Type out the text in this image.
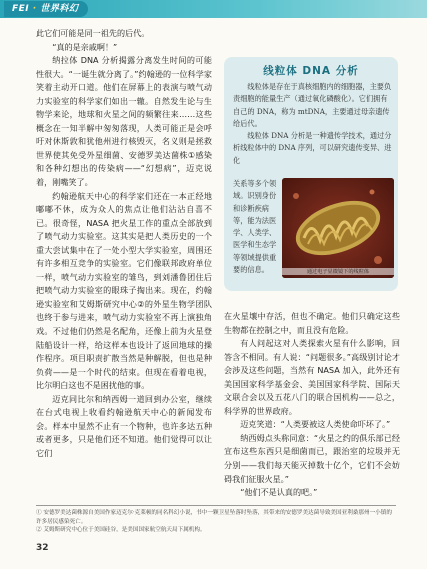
FEI · 世界科幻

此它们可能是同一祖先的后代。

“真的是亲戚啊！”

纳拉体 DNA 分析揭露分离发生时间的可能性很大。“一诞生就分离了。”约翰逊的一位科学家笑着主动开口道。他们在屏幕上的表演与喷气动力实验室的科学家们如出一辙。自然发生论与生物学来论，地球和火星之间的频繁往来……这些概念在一知半解中匆匆落现，人类可能正是会呼吁对休斯敦和犹他州进行核毁灭，名义则是拯救世界使其免受外星细菌、安德罗美达菌株①感染和各种幻想出的传染病——“幻想病”，迈克说着，刚嘴笑了。

约翰逊航天中心的科学家们还在一本正经地嘟嘟不休，成为众人的焦点让他们沾沾自喜不已。很奇怪，NASA 把火星工作的重点全部放到了喷气动力实验室。这其实是把人类历史的一个重大尝试集中在了一处小型大学实验室，周围还有许多相互竞争的实验室。它们像联邦政府单位一样，喷气动力实验室的雏鸟，到刘潘鲁团住后把喷气动力实验室的眼珠子掏出来。现在，约翰逊实验室和艾姆斯研究中心②的外星生物学团队也终于参与进来，喷气动力实验室不再上演独角戏。不过他们仍然是名配角，还像上前为火星登陆船设计一样，给这样本也设计了返回地球的操作程序。项目职责扩散当然是种解脱，但也是种负荷——是一个时代的结束。但现在看着电视，比尔明白这也不是困扰他的事。

迈克同比尔和纳西姆一道回到办公室，继续在台式电视上收看约翰逊航天中心的新闻发布会。样本中显然不止有一个物种，也许多达五种或者更多，只是他们还不知道。他们觉得可以让它们

线粒体 DNA 分析

线粒体是存在于真核细胞内的细胞器，主要负责细胞的能量生产（通过氧化磷酸化）。它们拥有自己的 DNA，称为 mtDNA，主要通过母亲遗传给后代。

线粒体 DNA 分析是一种遗传学技术，通过分析线粒体中的 DNA 序列，可以研究遗传变异、进化

关系等多个领域。识别身份和诊断疾病等，能为法医学、人类学、医学和生态学等领域提供重要的信息。	通过电子显微镜下的线粒体

在火星壤中存活，但也不确定。他们只确定这些生物都在控制之中，而且没有危险。

有人问起这对人类探索火星有什么影响，回答含不相同。有人说：“问题很多。”高级别讨论才会涉及这些问题，当然有 NASA 加入，此外还有美国国家科学基金会、美国国家科学院、国际天文联合会以及五花八门的联合国机构——总之，科学界的世界政府。

迈克笑道：“人类要被这人类使命吓坏了。”

纳西姆点头称同意：“火星之约的俱乐部已经宣布这些东西只是细菌而已，跟治室的垃圾并无分别——我们每天能灭掉数十亿个，它们不会妨碍我们征服火星。”

“他们不是认真的吧。”

① 安德罗美达菌株源自美国作家迈克尔·克莱顿的同名科幻小说，书中一颗卫星坠落时坠落，其带来的安德罗美达菌导致美国亚利桑那州一小镇的许多居民感染死亡。

② 艾姆斯研究中心位于美国硅谷，是美国国家航空航天局下属机构。

32
